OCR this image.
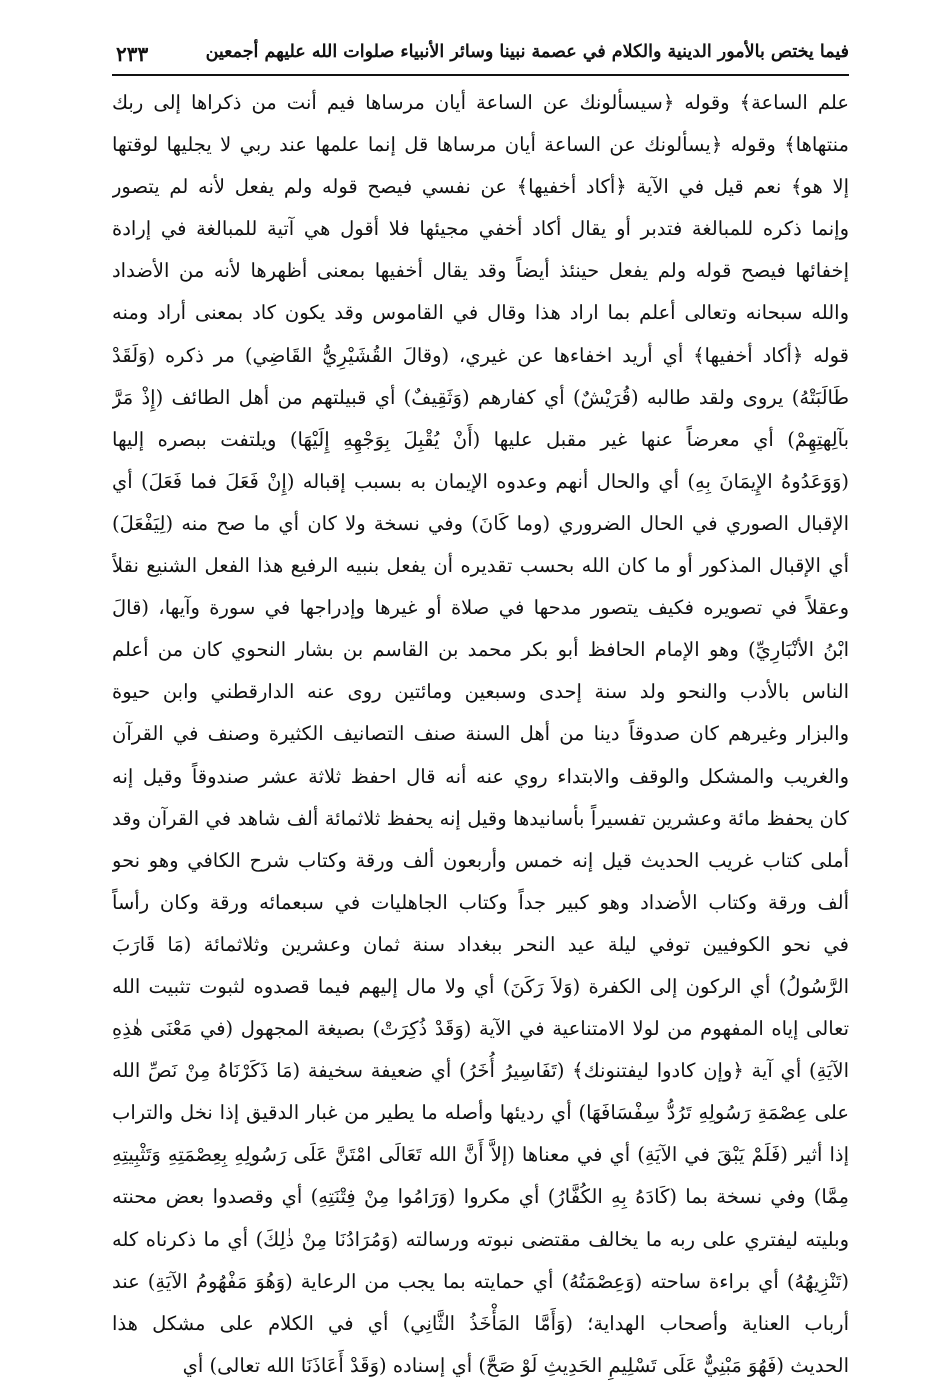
فيما يختص بالأمور الدينية والكلام في عصمة نبينا وسائر الأنبياء صلوات الله عليهم أجمعين
٢٣٣
علم الساعة﴾ وقوله ﴿سيسألونك عن الساعة أيان مرساها فيم أنت من ذكراها إلى ربك
منتهاها﴾ وقوله ﴿يسألونك عن الساعة أيان مرساها قل إنما علمها عند ربي لا يجليها لوقتها
إلا هو﴾ نعم قيل في الآية ﴿أكاد أخفيها﴾ عن نفسي فيصح قوله ولم يفعل لأنه لم يتصور
وإنما ذكره للمبالغة فتدبر أو يقال أكاد أخفي مجيئها فلا أقول هي آتية للمبالغة في إرادة
إخفائها فيصح قوله ولم يفعل حينئذ أيضاً وقد يقال أخفيها بمعنى أظهرها لأنه من الأضداد
والله سبحانه وتعالى أعلم بما اراد هذا وقال في القاموس وقد يكون كاد بمعنى أراد ومنه
قوله ﴿أكاد أخفيها﴾ أي أريد اخفاءها عن غيري، (وقالَ القُشَيْرِيُّ القَاضِي) مر ذكره (وَلَقَدْ
طَالَبَتْهُ) يروى ولقد طالبه (قُرَيْشٌ) أي كفارهم (وَثَقِيفٌ) أي قبيلتهم من أهل الطائف (إِذْ مَرَّ
بآلِهتِهِمْ) أي معرضاً عنها غير مقبل عليها (أَنْ يُقْبِلَ بِوَجْهِهِ إِلَيْهَا) ويلتفت ببصره إليها
(وَوَعَدُوهُ الإِيمَانَ بِهِ) أي والحال أنهم وعدوه الإيمان به بسبب إقباله (إِنْ فَعَلَ فما فَعَلَ) أي
الإقبال الصوري في الحال الضروري (وما كَانَ) وفي نسخة ولا كان أي ما صح منه (لِيَفْعَلَ)
أي الإقبال المذكور أو ما كان الله بحسب تقديره أن يفعل بنبيه الرفيع هذا الفعل الشنيع نقلاً
وعقلاً في تصويره فكيف يتصور مدحها في صلاة أو غيرها وإدراجها في سورة وآيها، (قالَ
ابْنُ الأنْبَارِيِّ) وهو الإمام الحافظ أبو بكر محمد بن القاسم بن بشار النحوي كان من أعلم
الناس بالأدب والنحو ولد سنة إحدى وسبعين ومائتين روى عنه الدارقطني وابن حيوة
والبزار وغيرهم كان صدوقاً دينا من أهل السنة صنف التصانيف الكثيرة وصنف في القرآن
والغريب والمشكل والوقف والابتداء روي عنه أنه قال احفظ ثلاثة عشر صندوقاً وقيل إنه
كان يحفظ مائة وعشرين تفسيراً بأسانيدها وقيل إنه يحفظ ثلاثمائة ألف شاهد في القرآن وقد
أملى كتاب غريب الحديث قيل إنه خمس وأربعون ألف ورقة وكتاب شرح الكافي وهو نحو
ألف ورقة وكتاب الأضداد وهو كبير جداً وكتاب الجاهليات في سبعمائه ورقة وكان رأساً
في نحو الكوفيين توفي ليلة عيد النحر ببغداد سنة ثمان وعشرين وثلاثمائة (مَا قَارَبَ
الرَّسُولُ) أي الركون إلى الكفرة (وَلاَ رَكَنَ) أي ولا مال إليهم فيما قصدوه لثبوت تثبيت الله
تعالى إياه المفهوم من لولا الامتناعية في الآية (وَقَدْ ذُكِرَتْ) بصيغة المجهول (في مَعْنَى هٰذِهِ
الآيَةِ) أي آية ﴿وإن كادوا ليفتنونك﴾ (تَفَاسِيرُ أُخَرُ) أي ضعيفة سخيفة (مَا ذَكَرْنَاهُ مِنْ نَصِّ الله
على عِصْمَةِ رَسُولِهِ تَرُدُّ سِفْسَافَهَا) أي رديئها وأصله ما يطير من غبار الدقيق إذا نخل والتراب
إذا أثير (فَلَمْ يَبْقَ في الآيَةِ) أي في معناها (إلاَّ أَنَّ الله تَعَالَى امْتَنَّ عَلَى رَسُولِهِ بِعِصْمَتِهِ وَتَثْبِيتِهِ
مِمَّا) وفي نسخة بما (كَادَهُ بِهِ الكُفَّارُ) أي مكروا (وَرَامُوا مِنْ فِتْنَتِهِ) أي وقصدوا بعض محنته
وبليته ليفتري على ربه ما يخالف مقتضى نبوته ورسالته (وَمُرَادُنَا مِنْ ذٰلِكَ) أي ما ذكرناه كله
(تَنْزِيهُهُ) أي براءة ساحته (وَعِصْمَتُهُ) أي حمايته بما يجب من الرعاية (وَهُوَ مَفْهُومُ الآيَةِ) عند
أرباب العناية وأصحاب الهداية؛ (وَأَمَّا المَأْخَذُ الثَّانِي) أي في الكلام على مشكل هذا
الحديث (فَهُوَ مَبْنِيٌّ عَلَى تَسْلِيمِ الحَدِيثِ لَوْ صَحَّ) أي إسناده (وَقَدْ أَعَاذَنَا الله تعالى) أي
